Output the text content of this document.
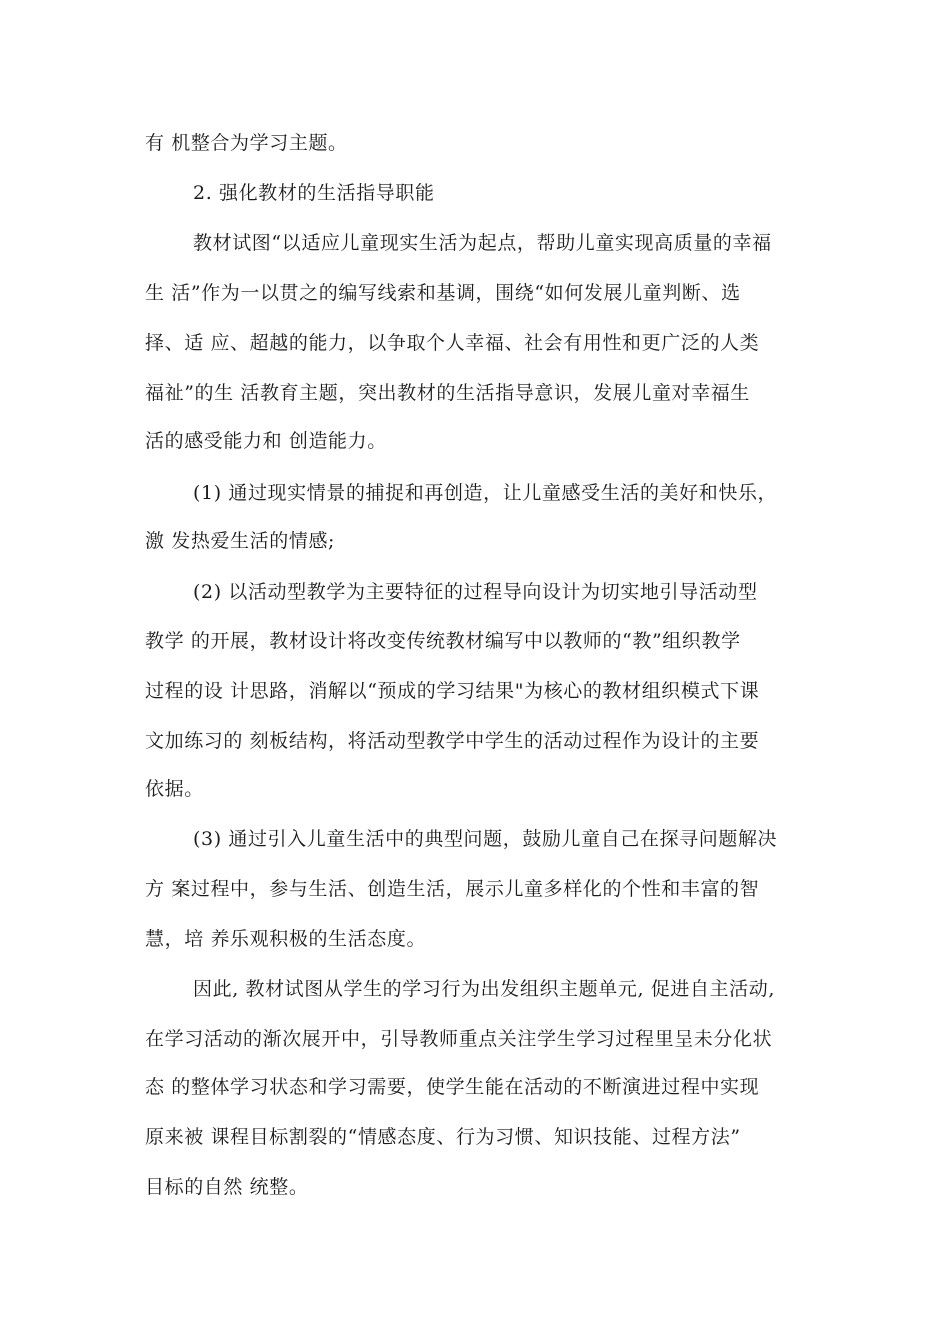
有 机整合为学习主题。
2. 强化教材的生活指导职能
教材试图“以适应儿童现实生活为起点，帮助儿童实现高质量的幸福
生 活”作为一以贯之的编写线索和基调，围绕“如何发展儿童判断、选
择、适 应、超越的能力，以争取个人幸福、社会有用性和更广泛的人类
福祉”的生 活教育主题，突出教材的生活指导意识，发展儿童对幸福生
活的感受能力和 创造能力。
(1) 通过现实情景的捕捉和再创造，让儿童感受生活的美好和快乐，
激 发热爱生活的情感;
(2) 以活动型教学为主要特征的过程导向设计为切实地引导活动型
教学 的开展，教材设计将改变传统教材编写中以教师的“教”组织教学
过程的设 计思路，消解以“预成的学习结果"为核心的教材组织模式下课
文加练习的 刻板结构，将活动型教学中学生的活动过程作为设计的主要
依据。
(3) 通过引入儿童生活中的典型问题，鼓励儿童自己在探寻问题解决
方 案过程中，参与生活、创造生活，展示儿童多样化的个性和丰富的智
慧，培 养乐观积极的生活态度。
因此, 教材试图从学生的学习行为出发组织主题单元, 促进自主活动,
在学习活动的渐次展开中，引导教师重点关注学生学习过程里呈未分化状
态 的整体学习状态和学习需要，使学生能在活动的不断演进过程中实现
原来被 课程目标割裂的“情感态度、行为习惯、知识技能、过程方法”
目标的自然 统整。
